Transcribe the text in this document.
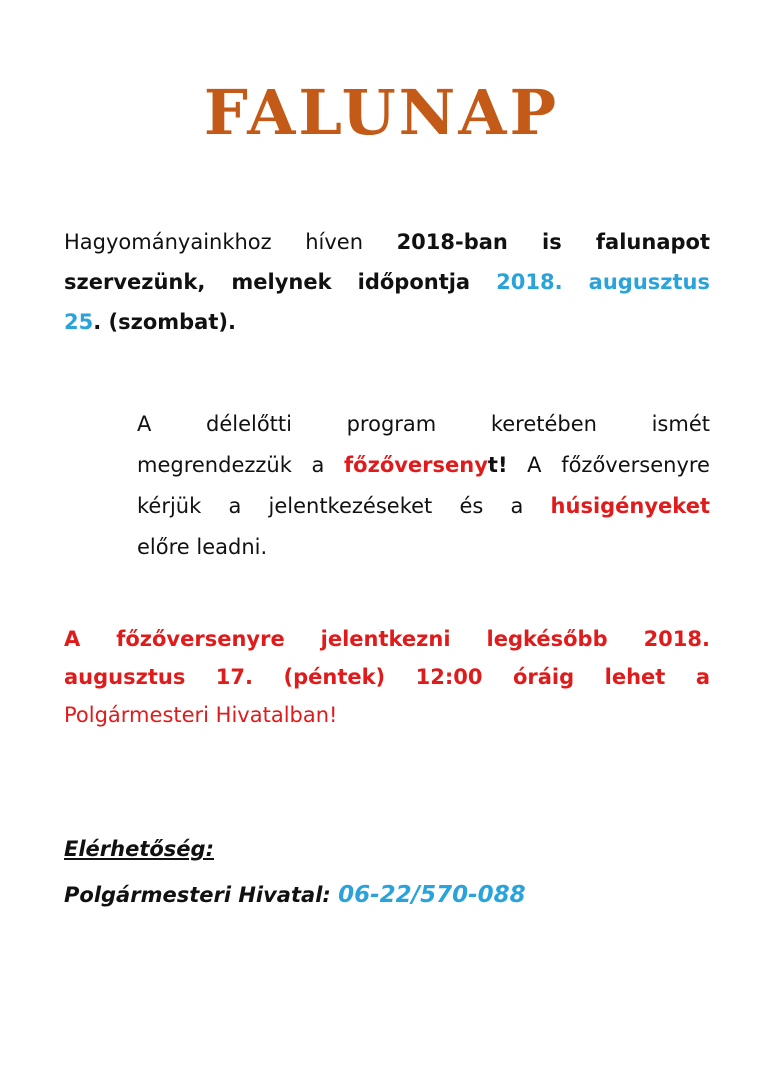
FALUNAP
Hagyományainkhoz híven 2018-ban is falunapot
szervezünk, melynek időpontja 2018. augusztus
25. (szombat).
A délelőtti program keretében ismét
megrendezzük a főzőversenyt! A főzőversenyre
kérjük a jelentkezéseket és a húsigényeket
előre leadni.
A főzőversenyre jelentkezni legkésőbb 2018.
augusztus 17. (péntek) 12:00 óráig lehet a
Polgármesteri Hivatalban!
Elérhetőség:
Polgármesteri Hivatal: 06-22/570-088
